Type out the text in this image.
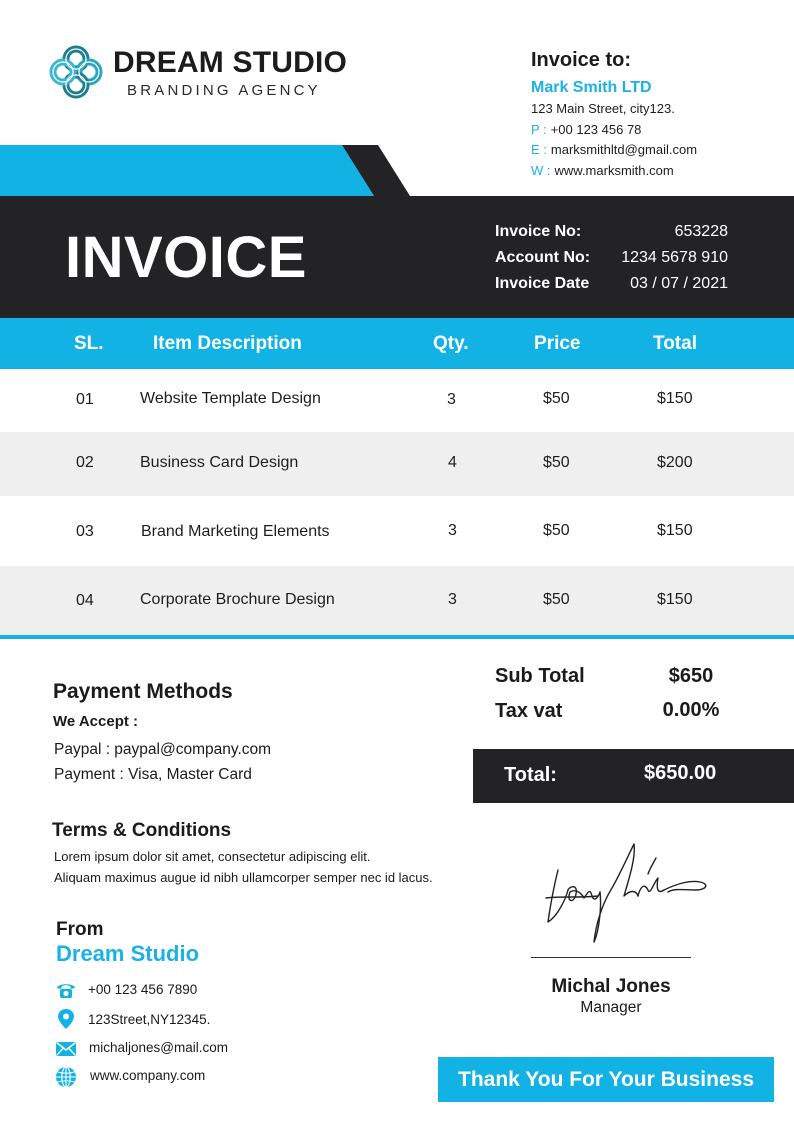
DREAM STUDIO
BRANDING AGENCY
Invoice to:
Mark Smith LTD
123 Main Street, city123.
P : +00 123 456 78
E : marksmithltd@gmail.com
W : www.marksmith.com
INVOICE	Invoice No:	653228
Account No: 1234 5678 910
Invoice Date	03 / 07 / 2021
SL.	Item Description	Qty.	Price	Total
01	Website Template Design	3	$50	$150
02	Business Card Design	4	$50	$200
03	Brand Marketing Elements	3	$50	$150
04	Corporate Brochure Design	3	$50	$150
Payment Methods
We Accept :
Paypal : paypal@company.com
Payment : Visa, Master Card
Terms & Conditions
Lorem ipsum dolor sit amet, consectetur adipiscing elit.
Aliquam maximus augue id nibh ullamcorper semper nec id lacus.
Sub Total	$650
Tax vat	0.00%
Total:	$650.00
From
Dream Studio
+00 123 456 7890
123Street,NY12345.
michaljones@mail.com
www.company.com
Michal Jones
Manager
Thank You For Your Business
